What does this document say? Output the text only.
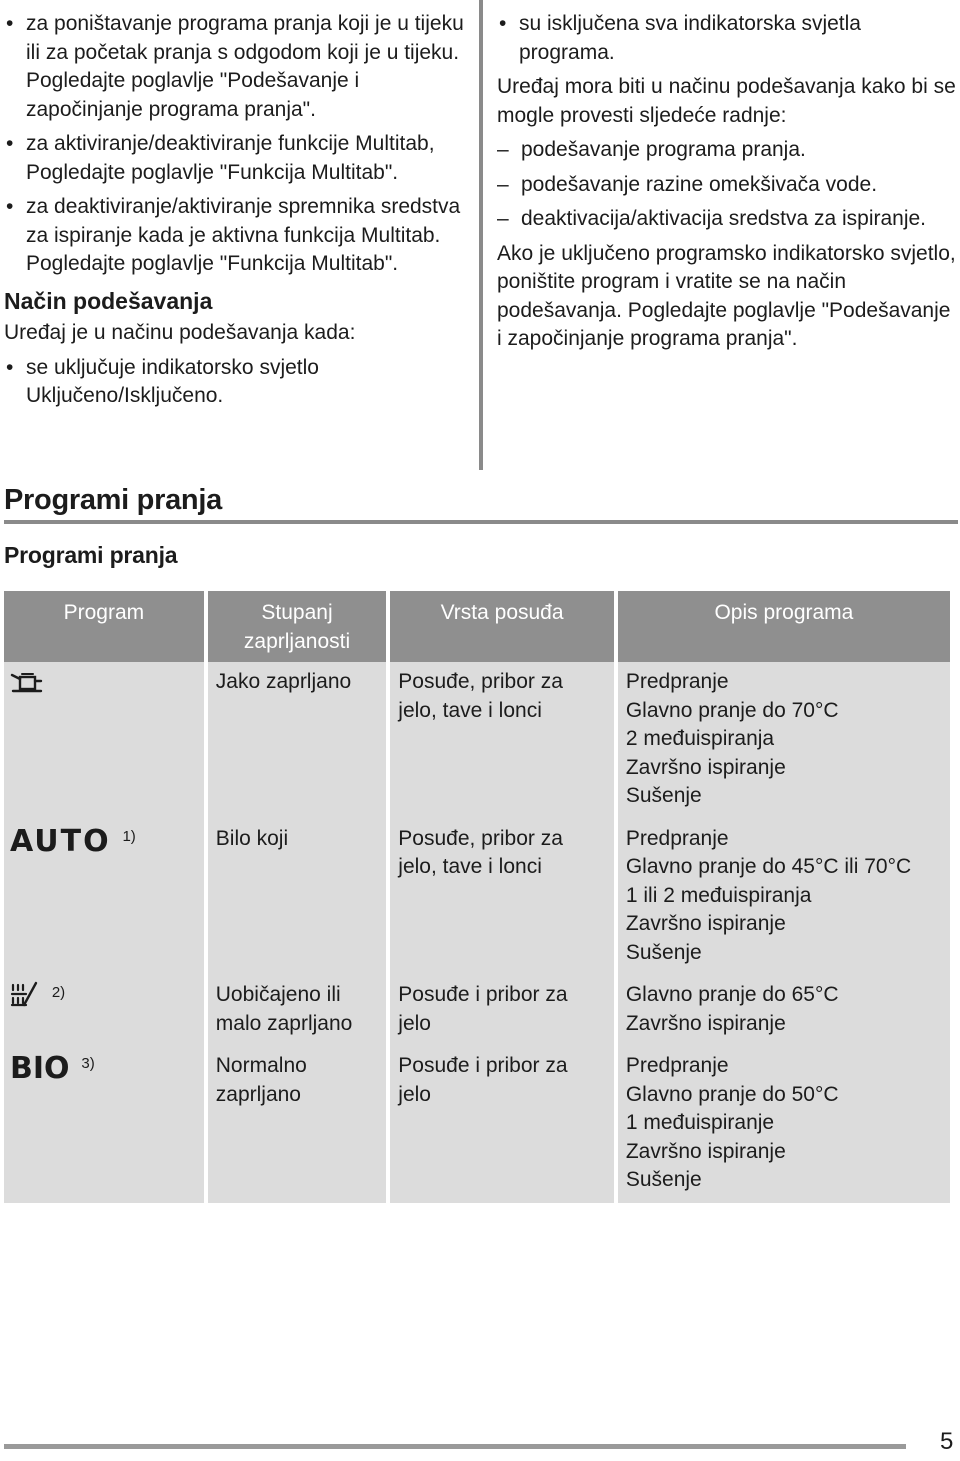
• za poništavanje programa pranja koji je u tijeku ili za početak pranja s odgodom koji je u tijeku. Pogledajte poglavlje "Podešavanje i započinjanje programa pranja".
• za aktiviranje/deaktiviranje funkcije Multitab, Pogledajte poglavlje "Funkcija Multitab".
• za deaktiviranje/aktiviranje spremnika sredstva za ispiranje kada je aktivna funkcija Multitab. Pogledajte poglavlje "Funkcija Multitab".
Način podešavanja
Uređaj je u načinu podešavanja kada:
• se uključuje indikatorsko svjetlo Uključeno/Isključeno.
• su isključena sva indikatorska svjetla programa.
Uređaj mora biti u načinu podešavanja kako bi se mogle provesti sljedeće radnje:
– podešavanje programa pranja.
– podešavanje razine omekšivača vode.
– deaktivacija/aktivacija sredstva za ispiranje.
Ako je uključeno programsko indikatorsko svjetlo, poništite program i vratite se na način podešavanja. Pogledajte poglavlje "Podešavanje i započinjanje programa pranja".
Programi pranja
Programi pranja
Program	Stupanj zaprljanosti	Vrsta posuđa	Opis programa

	Jako zaprljano	Posuđe, pribor za jelo, tave i lonci	Predpranje
Glavno pranje do 70°C
2 međuispiranja
Završno ispiranje
Sušenje

AUTO $^{1)}$	Bilo koji	Posuđe, pribor za jelo, tave i lonci	Predpranje
Glavno pranje do 45°C ili 70°C
1 ili 2 međuispiranja
Završno ispiranje
Sušenje

$^{2)}$	Uobičajeno ili malo zaprljano	Posuđe i pribor za jelo	Glavno pranje do 65°C
Završno ispiranje

BIO $^{3)}$	Normalno zaprljano	Posuđe i pribor za jelo	Predpranje
Glavno pranje do 50°C
1 međuispiranje
Završno ispiranje
Sušenje
5
